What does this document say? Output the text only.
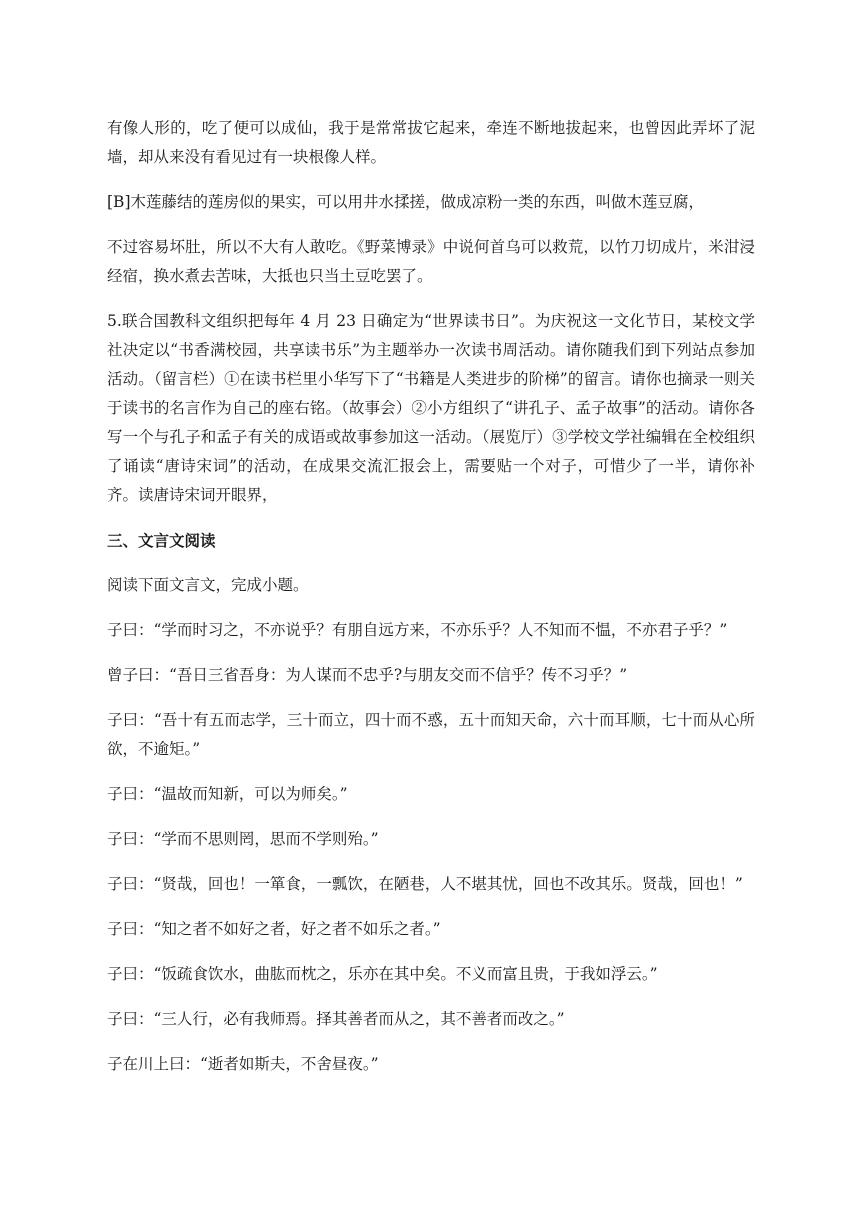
有像人形的，吃了便可以成仙，我于是常常拔它起来，牵连不断地拔起来，也曾因此弄坏了泥墙，却从来没有看见过有一块根像人样。

[B]木莲藤结的莲房似的果实，可以用井水揉搓，做成凉粉一类的东西，叫做木莲豆腐，

不过容易坏肚，所以不大有人敢吃。《野菜博录》中说何首乌可以救荒，以竹刀切成片，米泔浸经宿，换水煮去苦味，大抵也只当土豆吃罢了。

5.联合国教科文组织把每年 4 月 23 日确定为“世界读书日”。为庆祝这一文化节日，某校文学社决定以“书香满校园，共享读书乐”为主题举办一次读书周活动。请你随我们到下列站点参加活动。（留言栏）①在读书栏里小华写下了“书籍是人类进步的阶梯”的留言。请你也摘录一则关于读书的名言作为自己的座右铭。（故事会）②小方组织了“讲孔子、孟子故事”的活动。请你各写一个与孔子和孟子有关的成语或故事参加这一活动。（展览厅）③学校文学社编辑在全校组织了诵读“唐诗宋词”的活动，在成果交流汇报会上，需要贴一个对子，可惜少了一半，请你补齐。读唐诗宋词开眼界，

三、文言文阅读

阅读下面文言文，完成小题。

子曰：“学而时习之，不亦说乎？有朋自远方来，不亦乐乎？人不知而不愠，不亦君子乎？”

曾子曰：“吾日三省吾身：为人谋而不忠乎?与朋友交而不信乎？传不习乎？”

子曰：“吾十有五而志学，三十而立，四十而不惑，五十而知天命，六十而耳顺，七十而从心所欲，不逾矩。”

子曰：“温故而知新，可以为师矣。”

子曰：“学而不思则罔，思而不学则殆。”

子曰：“贤哉，回也！一箪食，一瓢饮，在陋巷，人不堪其忧，回也不改其乐。贤哉，回也！”

子曰：“知之者不如好之者，好之者不如乐之者。”

子曰：“饭疏食饮水，曲肱而枕之，乐亦在其中矣。不义而富且贵，于我如浮云。”

子曰：“三人行，必有我师焉。择其善者而从之，其不善者而改之。”

子在川上曰：“逝者如斯夫，不舍昼夜。”
